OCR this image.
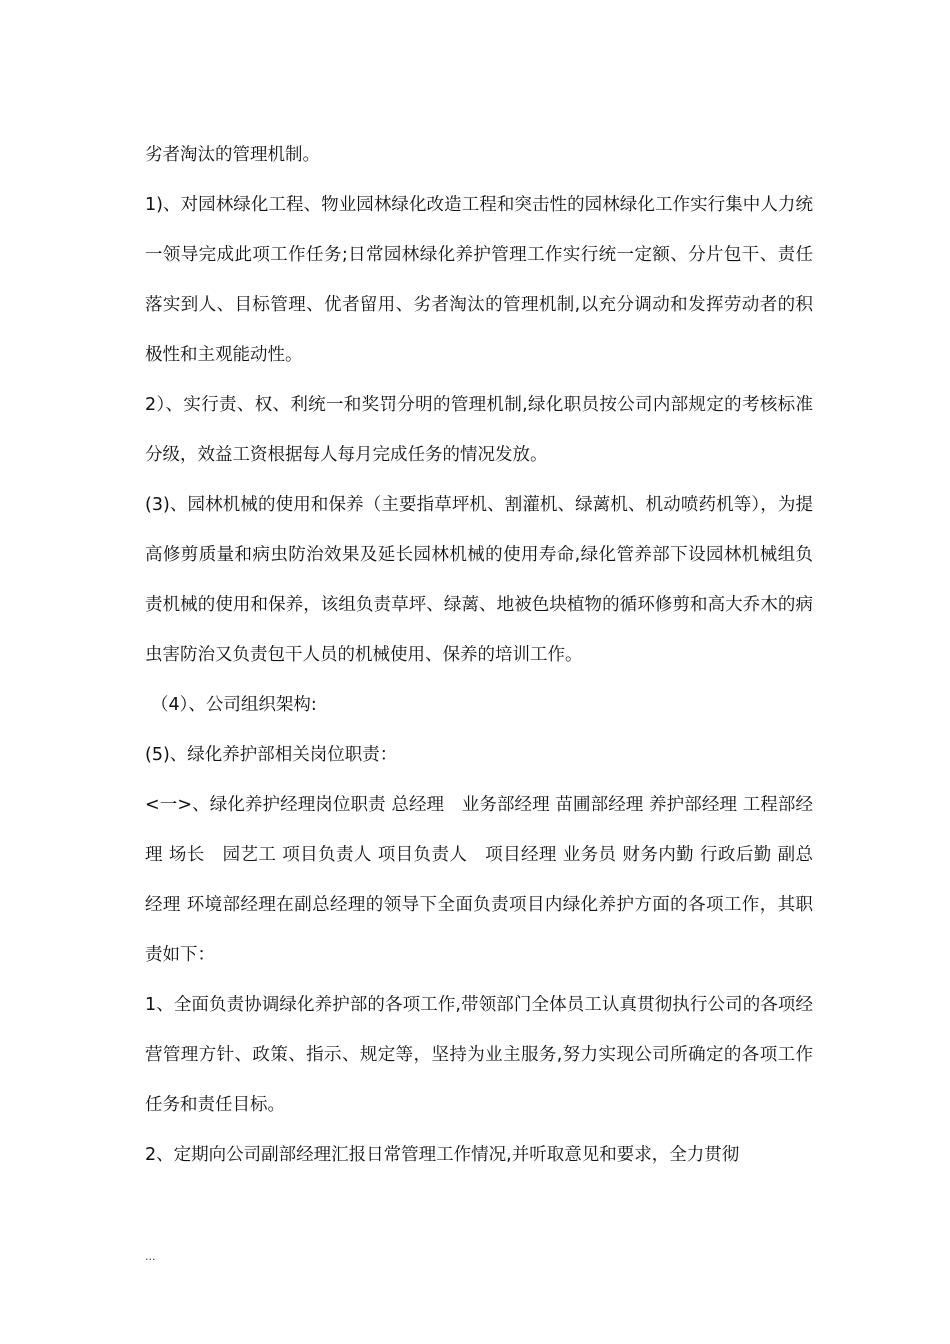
劣者淘汰的管理机制。

1)、对园林绿化工程、物业园林绿化改造工程和突击性的园林绿化工作实行集中人力统一领导完成此项工作任务;日常园林绿化养护管理工作实行统一定额、分片包干、责任落实到人、目标管理、优者留用、劣者淘汰的管理机制,以充分调动和发挥劳动者的积极性和主观能动性。

2）、实行责、权、利统一和奖罚分明的管理机制,绿化职员按公司内部规定的考核标准分级，效益工资根据每人每月完成任务的情况发放。

(3)、园林机械的使用和保养（主要指草坪机、割灌机、绿蓠机、机动喷药机等），为提高修剪质量和病虫防治效果及延长园林机械的使用寿命,绿化管养部下设园林机械组负责机械的使用和保养，该组负责草坪、绿蓠、地被色块植物的循环修剪和高大乔木的病虫害防治又负责包干人员的机械使用、保养的培训工作。

（4）、公司组织架构:

(5)、绿化养护部相关岗位职责：

<一>、绿化养护经理岗位职责 总经理　业务部经理 苗圃部经理 养护部经理 工程部经理 场长　园艺工 项目负责人 项目负责人　项目经理 业务员 财务内勤 行政后勤 副总经理 环境部经理在副总经理的领导下全面负责项目内绿化养护方面的各项工作，其职责如下：

1、全面负责协调绿化养护部的各项工作,带领部门全体员工认真贯彻执行公司的各项经营管理方针、政策、指示、规定等，坚持为业主服务,努力实现公司所确定的各项工作任务和责任目标。

2、定期向公司副部经理汇报日常管理工作情况,并听取意见和要求，全力贯彻

...
